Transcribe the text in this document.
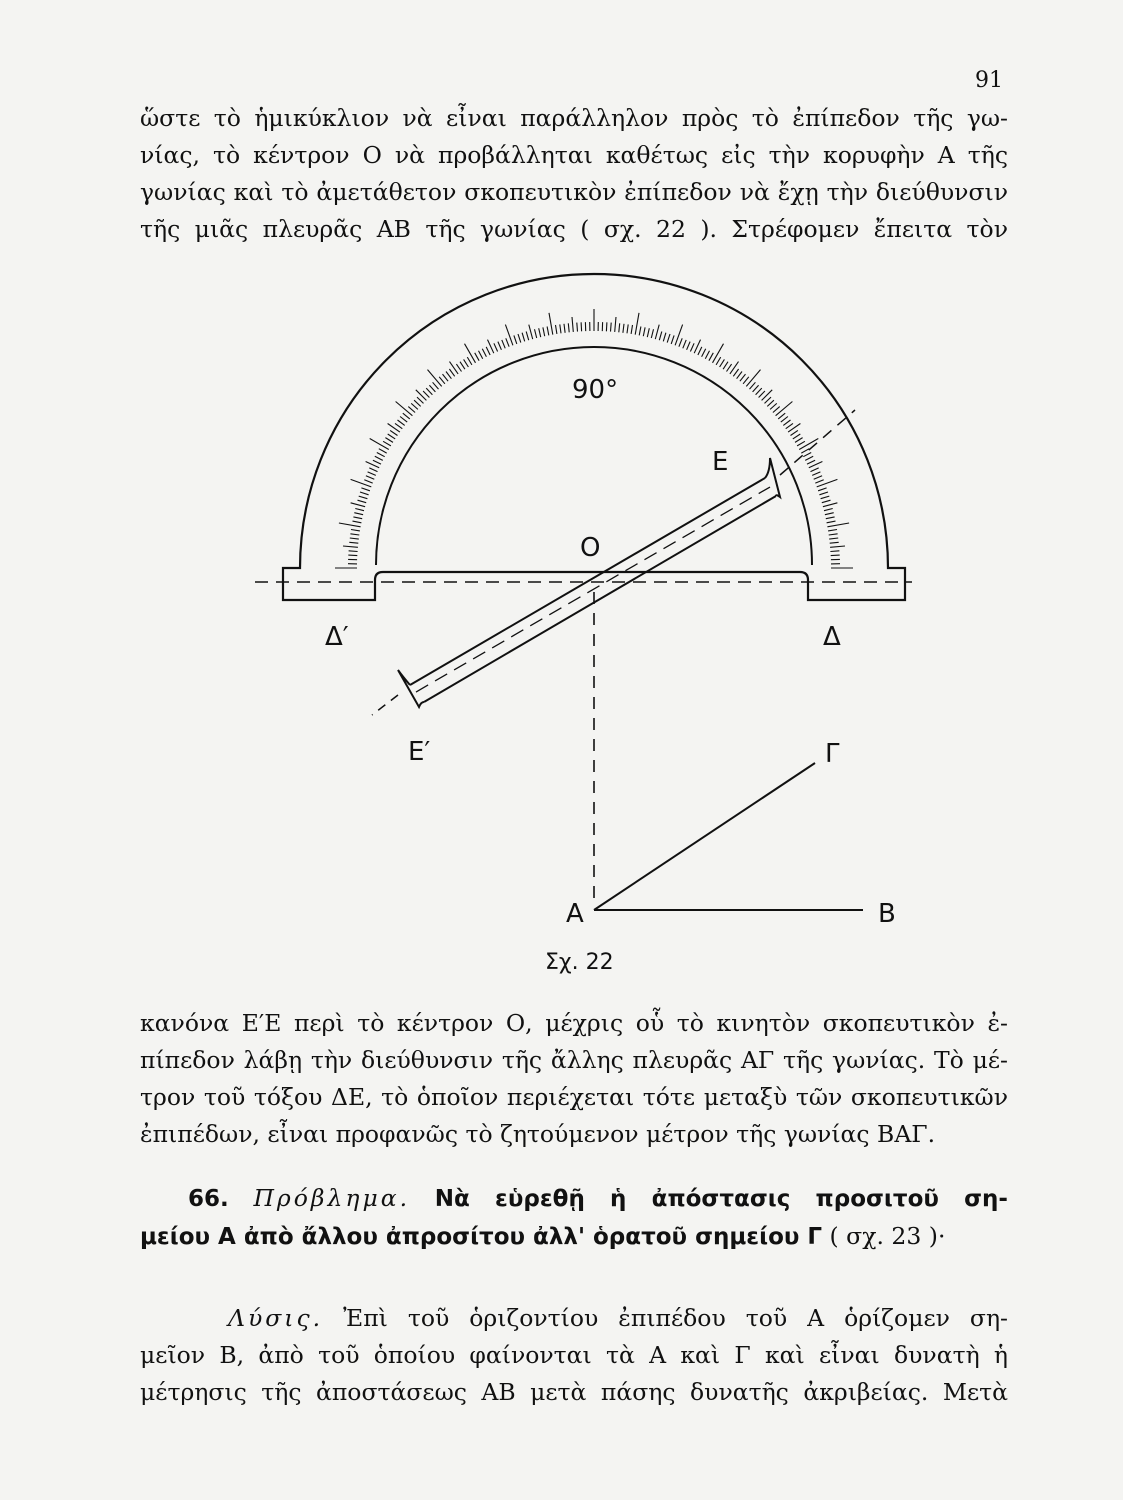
91
ὥστε τὸ ἡμικύκλιον νὰ εἶναι παράλληλον πρὸς τὸ ἐπίπεδον τῆς γω-
νίας, τὸ κέντρον Ο νὰ προβάλληται καθέτως εἰς τὴν κορυφὴν Α τῆς
γωνίας καὶ τὸ ἀμετάθετον σκοπευτικὸν ἐπίπεδον νὰ ἔχῃ τὴν διεύθυνσιν
τῆς μιᾶς πλευρᾶς ΑΒ τῆς γωνίας ( σχ. 22 ). Στρέφομεν ἔπειτα τὸν
90°
E
O
Δ′	Δ
E′	Γ
A	B
Σχ. 22
κανόνα Ε′Ε περὶ τὸ κέντρον Ο, μέχρις οὗ τὸ κινητὸν σκοπευτικὸν ἐ-
πίπεδον λάβῃ τὴν διεύθυνσιν τῆς ἄλλης πλευρᾶς ΑΓ τῆς γωνίας. Τὸ μέ-
τρον τοῦ τόξου ΔΕ, τὸ ὁποῖον περιέχεται τότε μεταξὺ τῶν σκοπευτικῶν
ἐπιπέδων, εἶναι προφανῶς τὸ ζητούμενον μέτρον τῆς γωνίας ΒΑΓ.
66. Πρόβλημα. Νὰ εὑρεθῇ ἡ ἀπόστασις προσιτοῦ ση-
μείου Α ἀπὸ ἄλλου ἀπροσίτου ἀλλ' ὁρατοῦ σημείου Γ ( σχ. 23 )·
Λύσις. Ἐπὶ τοῦ ὁριζοντίου ἐπιπέδου τοῦ Α ὁρίζομεν ση-
μεῖον Β, ἀπὸ τοῦ ὁποίου φαίνονται τὰ Α καὶ Γ καὶ εἶναι δυνατὴ ἡ
μέτρησις τῆς ἀποστάσεως ΑΒ μετὰ πάσης δυνατῆς ἀκριβείας. Μετὰ
